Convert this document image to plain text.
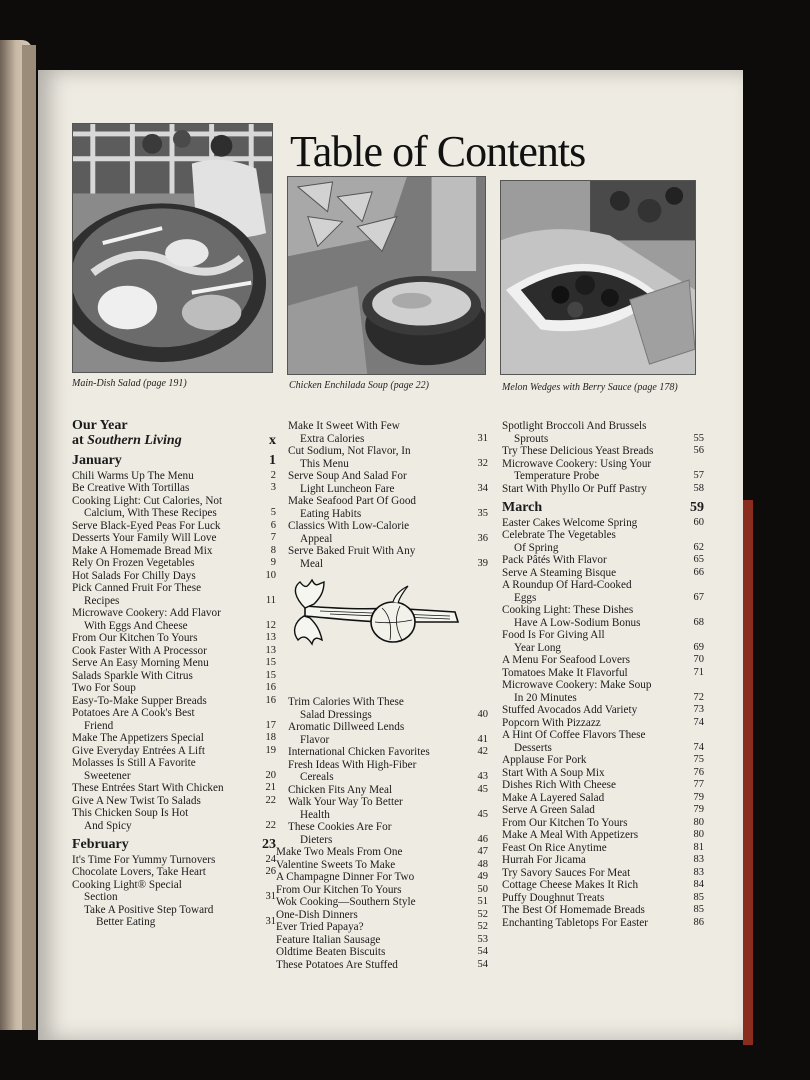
Table of Contents
Main-Dish Salad (page 191)	Chicken Enchilada Soup (page 22)	Melon Wedges with Berry Sauce (page 178)
Our Year
at Southern Living	x
January	1
Chili Warms Up The Menu	2
Be Creative With Tortillas	3
Cooking Light: Cut Calories, Not
Calcium, With These Recipes	5
Serve Black-Eyed Peas For Luck	6
Desserts Your Family Will Love	7
Make A Homemade Bread Mix	8
Rely On Frozen Vegetables	9
Hot Salads For Chilly Days	10
Pick Canned Fruit For These
Recipes	11
Microwave Cookery: Add Flavor
With Eggs And Cheese	12
From Our Kitchen To Yours	13
Cook Faster With A Processor	13
Serve An Easy Morning Menu	15
Salads Sparkle With Citrus	15
Two For Soup	16
Easy-To-Make Supper Breads	16
Potatoes Are A Cook's Best
Friend	17
Make The Appetizers Special	18
Give Everyday Entrées A Lift	19
Molasses Is Still A Favorite
Sweetener	20
These Entrées Start With Chicken	21
Give A New Twist To Salads	22
This Chicken Soup Is Hot
And Spicy	22
February	23
It's Time For Yummy Turnovers	24
Chocolate Lovers, Take Heart	26
Cooking Light® Special
Section	31
Take A Positive Step Toward
Better Eating	31
Make It Sweet With Few
Extra Calories	31
Cut Sodium, Not Flavor, In
This Menu	32
Serve Soup And Salad For
Light Luncheon Fare	34
Make Seafood Part Of Good
Eating Habits	35
Classics With Low-Calorie
Appeal	36
Serve Baked Fruit With Any
Meal	39
Trim Calories With These
Salad Dressings	40
Aromatic Dillweed Lends
Flavor	41
International Chicken Favorites	42
Fresh Ideas With High-Fiber
Cereals	43
Chicken Fits Any Meal	45
Walk Your Way To Better
Health	45
These Cookies Are For
Dieters	46
Make Two Meals From One	47
Valentine Sweets To Make	48
A Champagne Dinner For Two	49
From Our Kitchen To Yours	50
Wok Cooking—Southern Style	51
One-Dish Dinners	52
Ever Tried Papaya?	52
Feature Italian Sausage	53
Oldtime Beaten Biscuits	54
These Potatoes Are Stuffed	54
Spotlight Broccoli And Brussels
Sprouts	55
Try These Delicious Yeast Breads	56
Microwave Cookery: Using Your
Temperature Probe	57
Start With Phyllo Or Puff Pastry	58
March	59
Easter Cakes Welcome Spring	60
Celebrate The Vegetables
Of Spring	62
Pack Pâtés With Flavor	65
Serve A Steaming Bisque	66
A Roundup Of Hard-Cooked
Eggs	67
Cooking Light: These Dishes
Have A Low-Sodium Bonus	68
Food Is For Giving All
Year Long	69
A Menu For Seafood Lovers	70
Tomatoes Make It Flavorful	71
Microwave Cookery: Make Soup
In 20 Minutes	72
Stuffed Avocados Add Variety	73
Popcorn With Pizzazz	74
A Hint Of Coffee Flavors These
Desserts	74
Applause For Pork	75
Start With A Soup Mix	76
Dishes Rich With Cheese	77
Make A Layered Salad	79
Serve A Green Salad	79
From Our Kitchen To Yours	80
Make A Meal With Appetizers	80
Feast On Rice Anytime	81
Hurrah For Jicama	83
Try Savory Sauces For Meat	83
Cottage Cheese Makes It Rich	84
Puffy Doughnut Treats	85
The Best Of Homemade Breads	85
Enchanting Tabletops For Easter	86
